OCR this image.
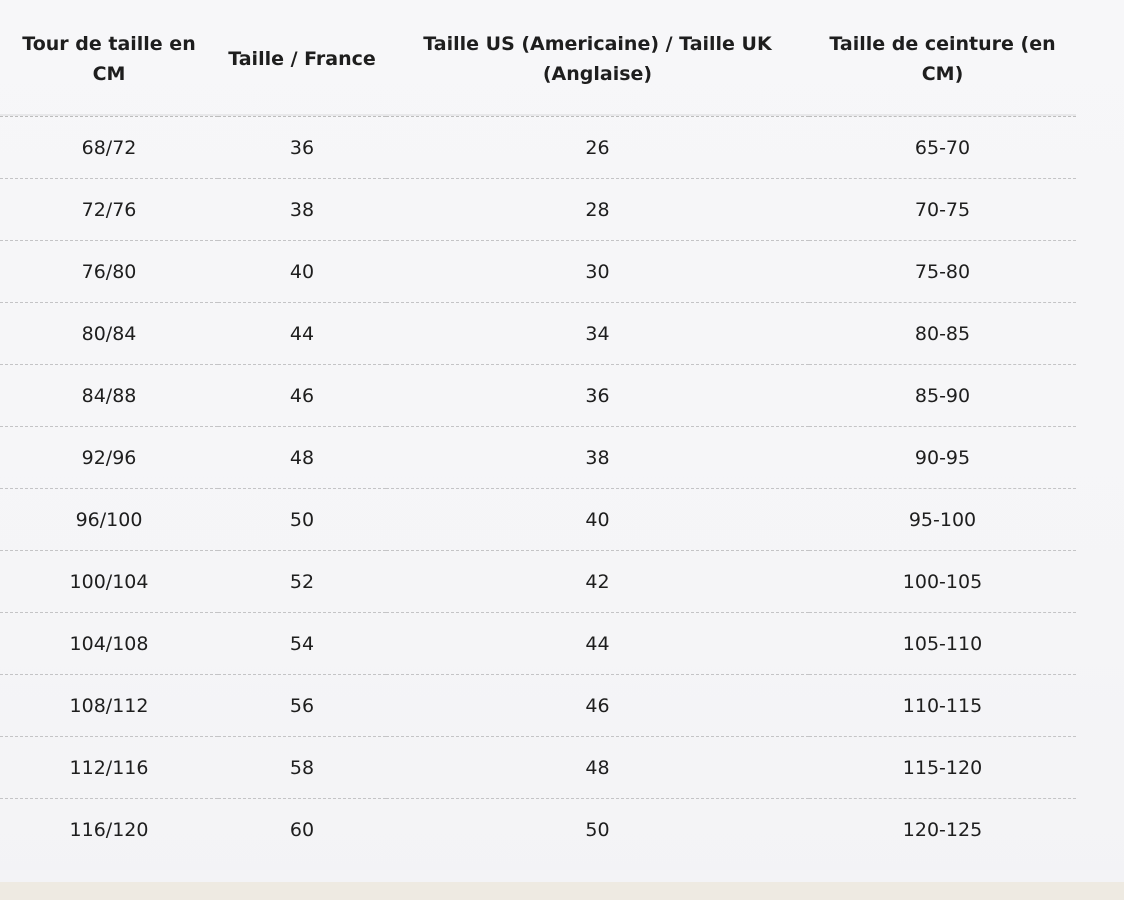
Tour de taille en CM	Taille / France	Taille US (Americaine) / Taille UK (Anglaise)	Taille de ceinture (en CM)

68/72	36	26	65-70
72/76	38	28	70-75
76/80	40	30	75-80
80/84	44	34	80-85
84/88	46	36	85-90
92/96	48	38	90-95
96/100	50	40	95-100
100/104	52	42	100-105
104/108	54	44	105-110
108/112	56	46	110-115
112/116	58	48	115-120
116/120	60	50	120-125
